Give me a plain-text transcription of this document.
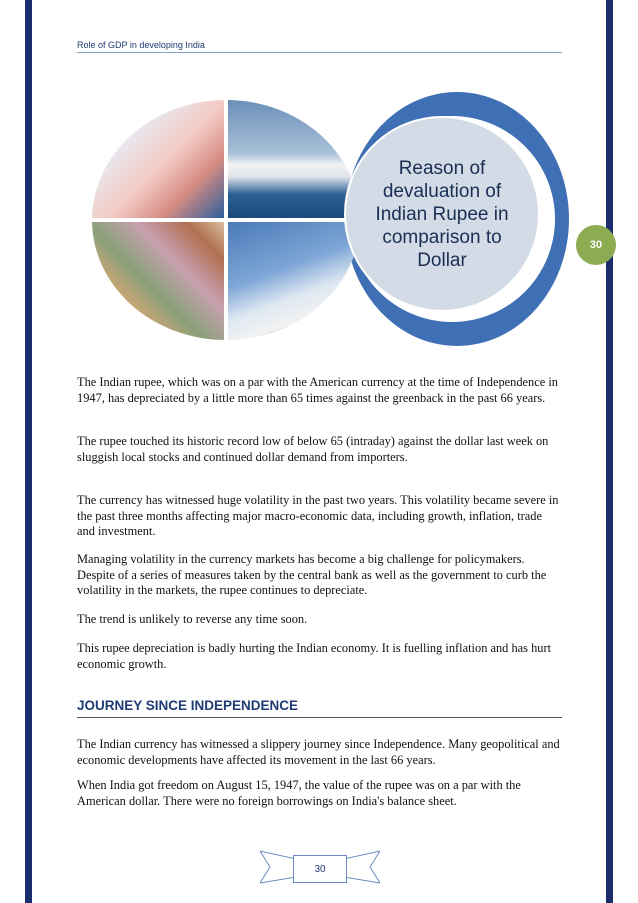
Role of GDP in developing India
30
Reason of devaluation of Indian Rupee in comparison to Dollar

The Indian rupee, which was on a par with the American currency at the time of Independence in 1947, has depreciated by a little more than 65 times against the greenback in the past 66 years.

The rupee touched its historic record low of below 65 (intraday) against the dollar last week on sluggish local stocks and continued dollar demand from importers.

The currency has witnessed huge volatility in the past two years. This volatility became severe in the past three months affecting major macro-economic data, including growth, inflation, trade and investment.

Managing volatility in the currency markets has become a big challenge for policymakers. Despite of a series of measures taken by the central bank as well as the government to curb the volatility in the markets, the rupee continues to depreciate.

The trend is unlikely to reverse any time soon.

This rupee depreciation is badly hurting the Indian economy. It is fuelling inflation and has hurt economic growth.

JOURNEY SINCE INDEPENDENCE

The Indian currency has witnessed a slippery journey since Independence. Many geopolitical and economic developments have affected its movement in the last 66 years.

When India got freedom on August 15, 1947, the value of the rupee was on a par with the American dollar. There were no foreign borrowings on India's balance sheet.

30
